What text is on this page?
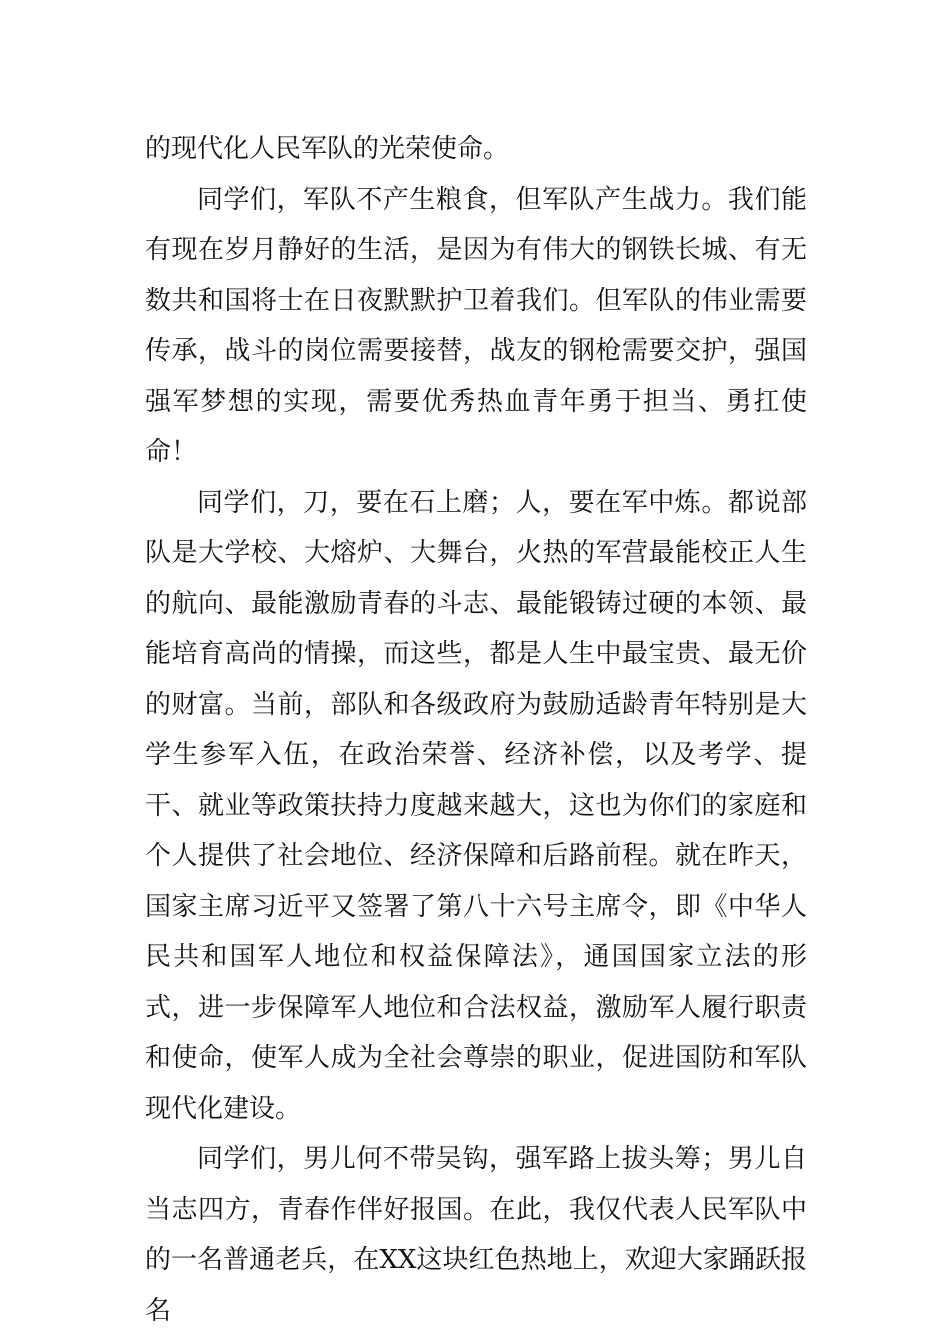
的现代化人民军队的光荣使命。

同学们，军队不产生粮食，但军队产生战力。我们能有现在岁月静好的生活，是因为有伟大的钢铁长城、有无数共和国将士在日夜默默护卫着我们。但军队的伟业需要传承，战斗的岗位需要接替，战友的钢枪需要交护，强国强军梦想的实现，需要优秀热血青年勇于担当、勇扛使命！

同学们，刀，要在石上磨；人，要在军中炼。都说部队是大学校、大熔炉、大舞台，火热的军营最能校正人生的航向、最能激励青春的斗志、最能锻铸过硬的本领、最能培育高尚的情操，而这些，都是人生中最宝贵、最无价的财富。当前，部队和各级政府为鼓励适龄青年特别是大学生参军入伍，在政治荣誉、经济补偿，以及考学、提干、就业等政策扶持力度越来越大，这也为你们的家庭和个人提供了社会地位、经济保障和后路前程。就在昨天，国家主席习近平又签署了第八十六号主席令，即《中华人民共和国军人地位和权益保障法》，通国国家立法的形式，进一步保障军人地位和合法权益，激励军人履行职责和使命，使军人成为全社会尊崇的职业，促进国防和军队现代化建设。

同学们，男儿何不带吴钩，强军路上拔头筹；男儿自当志四方，青春作伴好报国。在此，我仅代表人民军队中的一名普通老兵，在XX这块红色热地上，欢迎大家踊跃报名
